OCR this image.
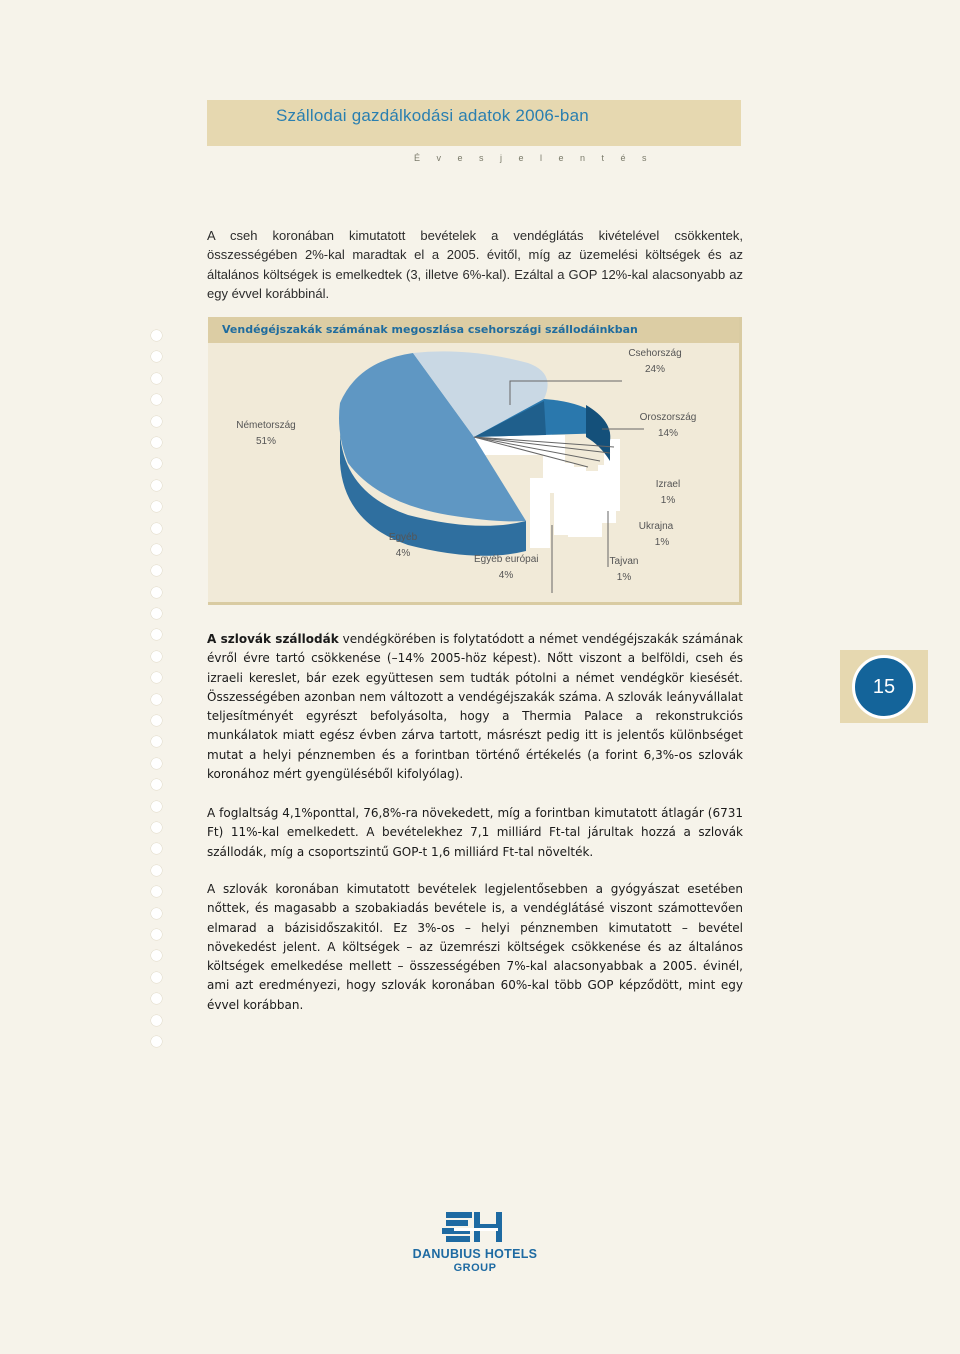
Szállodai gazdálkodási adatok 2006-ban
É v e s j e l e n t é s

A cseh koronában kimutatott bevételek a vendéglátás kivételével csökkentek, összességében 2%-kal maradtak el a 2005. évitől, míg az üzemelési költségek és az általános költségek is emelkedtek (3, illetve 6%-kal). Ezáltal a GOP 12%-kal alacsonyabb az egy évvel korábbinál.

Vendégéjszakák számának megoszlása csehországi szállodáinkban
Németország
51%
Csehország
24%
Oroszország
14%
Izrael
1%
Ukrajna
1%
Tajvan
1%
Egyéb európai
4%
Egyéb
4%

A szlovák szállodák vendégkörében is folytatódott a német vendégéjszakák számának évről évre tartó csökkenése (–14% 2005-höz képest). Nőtt viszont a belföldi, cseh és izraeli kereslet, bár ezek együttesen sem tudták pótolni a német vendégkör kiesését. Összességében azonban nem változott a vendégéjszakák száma. A szlovák leányvállalat teljesítményét egyrészt befolyásolta, hogy a Thermia Palace a rekonstrukciós munkálatok miatt egész évben zárva tartott, másrészt pedig itt is jelentős különbséget mutat a helyi pénznemben és a forintban történő értékelés (a forint 6,3%-os szlovák koronához mért gyengüléséből kifolyólag).

A foglaltság 4,1%ponttal, 76,8%-ra növekedett, míg a forintban kimutatott átlagár (6731 Ft) 11%-kal emelkedett. A bevételekhez 7,1 milliárd Ft-tal járultak hozzá a szlovák szállodák, míg a csoportszintű GOP-t 1,6 milliárd Ft-tal növelték.

A szlovák koronában kimutatott bevételek legjelentősebben a gyógyászat esetében nőttek, és magasabb a szobakiadás bevétele is, a vendéglátásé viszont számottevően elmarad a bázisidőszakitól. Ez 3%-os – helyi pénznemben kimutatott – bevétel növekedést jelent. A költségek – az üzemrészi költségek csökkenése és az általános költségek emelkedése mellett – összességében 7%-kal alacsonyabbak a 2005. évinél, ami azt eredményezi, hogy szlovák koronában 60%-kal több GOP képződött, mint egy évvel korábban.

15
DANUBIUS HOTELS
GROUP
